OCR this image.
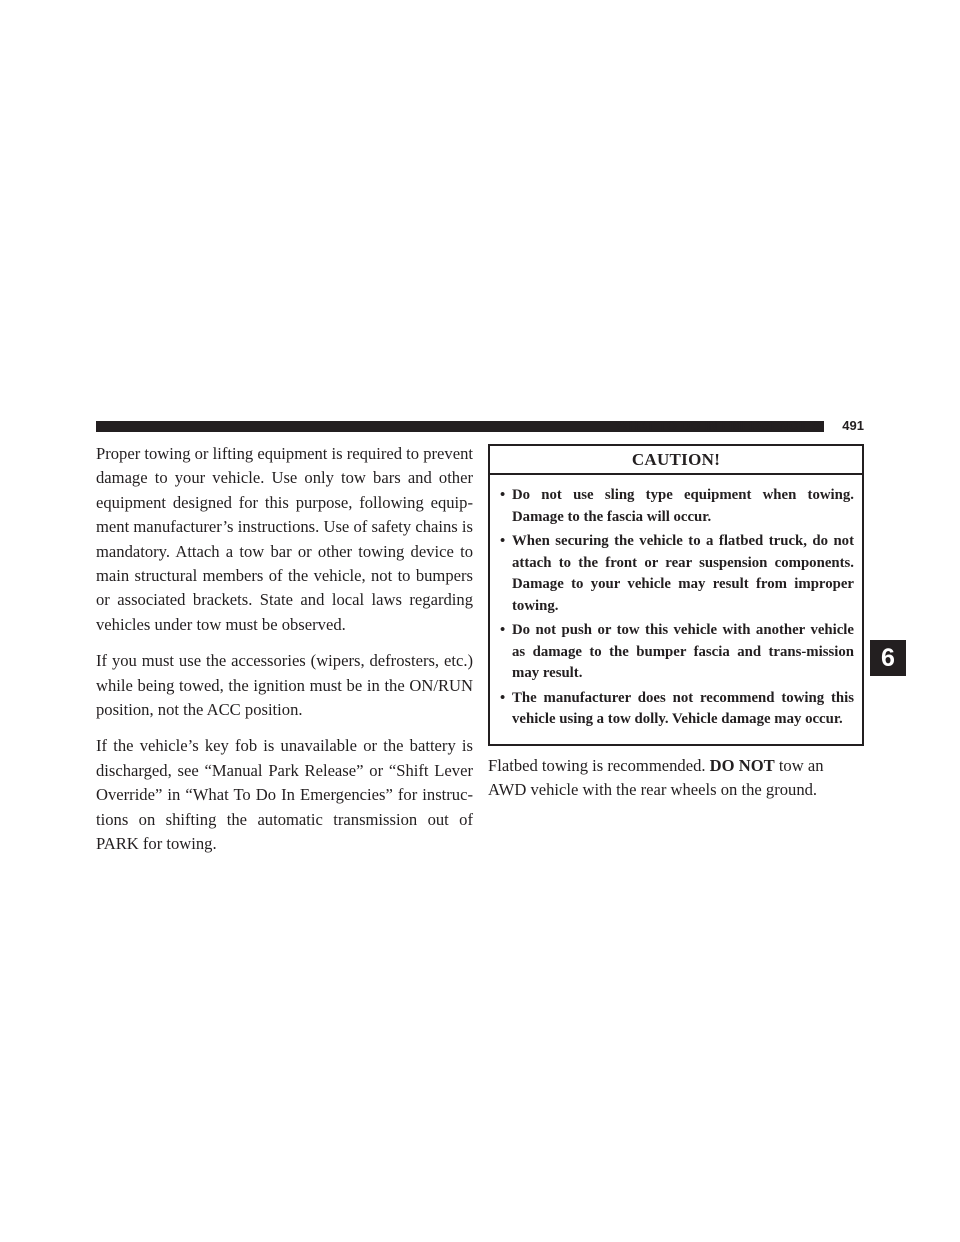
WHAT TO DO IN EMERGENCIES 491

Proper towing or lifting equipment is required to prevent damage to your vehicle. Use only tow bars and other equipment designed for this purpose, following equip-ment manufacturer’s instructions. Use of safety chains is mandatory. Attach a tow bar or other towing device to main structural members of the vehicle, not to bumpers or associated brackets. State and local laws regarding vehicles under tow must be observed.

If you must use the accessories (wipers, defrosters, etc.) while being towed, the ignition must be in the ON/RUN position, not the ACC position.

If the vehicle’s key fob is unavailable or the battery is discharged, see “Manual Park Release” or “Shift Lever Override” in “What To Do In Emergencies” for instruc-tions on shifting the automatic transmission out of PARK for towing.

CAUTION!
• Do not use sling type equipment when towing. Damage to the fascia will occur.
• When securing the vehicle to a flatbed truck, do not attach to the front or rear suspension components. Damage to your vehicle may result from improper towing.
• Do not push or tow this vehicle with another vehicle as damage to the bumper fascia and trans-mission may result.
• The manufacturer does not recommend towing this vehicle using a tow dolly. Vehicle damage may occur.
Flatbed towing is recommended. DO NOT tow an AWD vehicle with the rear wheels on the ground.
6
